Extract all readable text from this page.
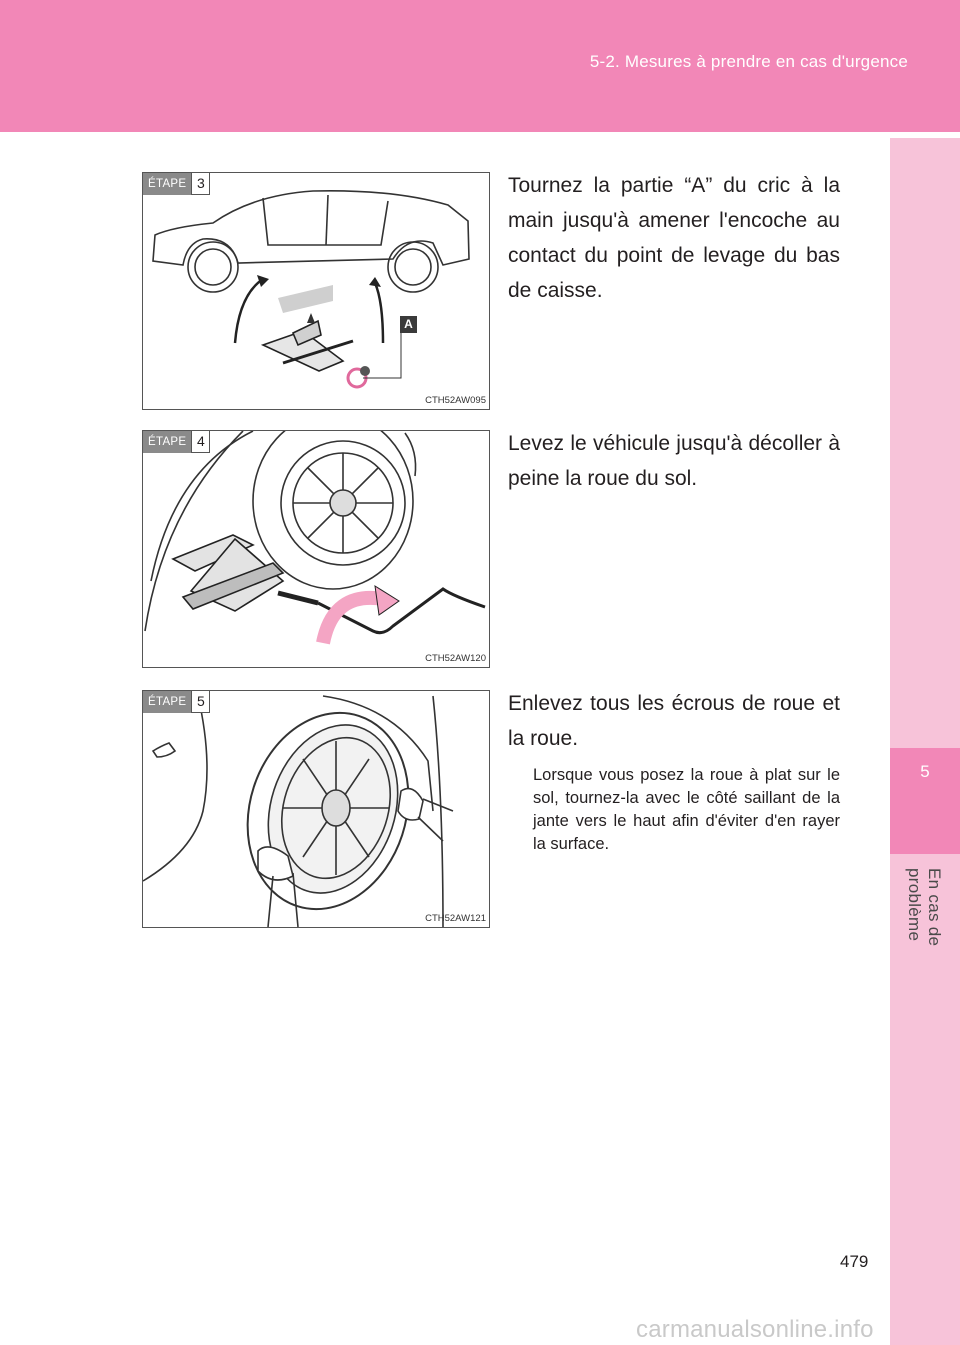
5-2. Mesures à prendre en cas d'urgence
5
En cas de problème
ÉTAPE 3
A
CTH52AW095
Tournez la partie “A” du cric à la main jusqu'à amener l'encoche au contact du point de levage du bas de caisse.
ÉTAPE 4
CTH52AW120
Levez le véhicule jusqu'à décoller à peine la roue du sol.
ÉTAPE 5
CTH52AW121
Enlevez tous les écrous de roue et la roue.
Lorsque vous posez la roue à plat sur le sol, tournez-la avec le côté saillant de la jante vers le haut afin d'éviter d'en rayer la surface.
479
carmanualsonline.info
